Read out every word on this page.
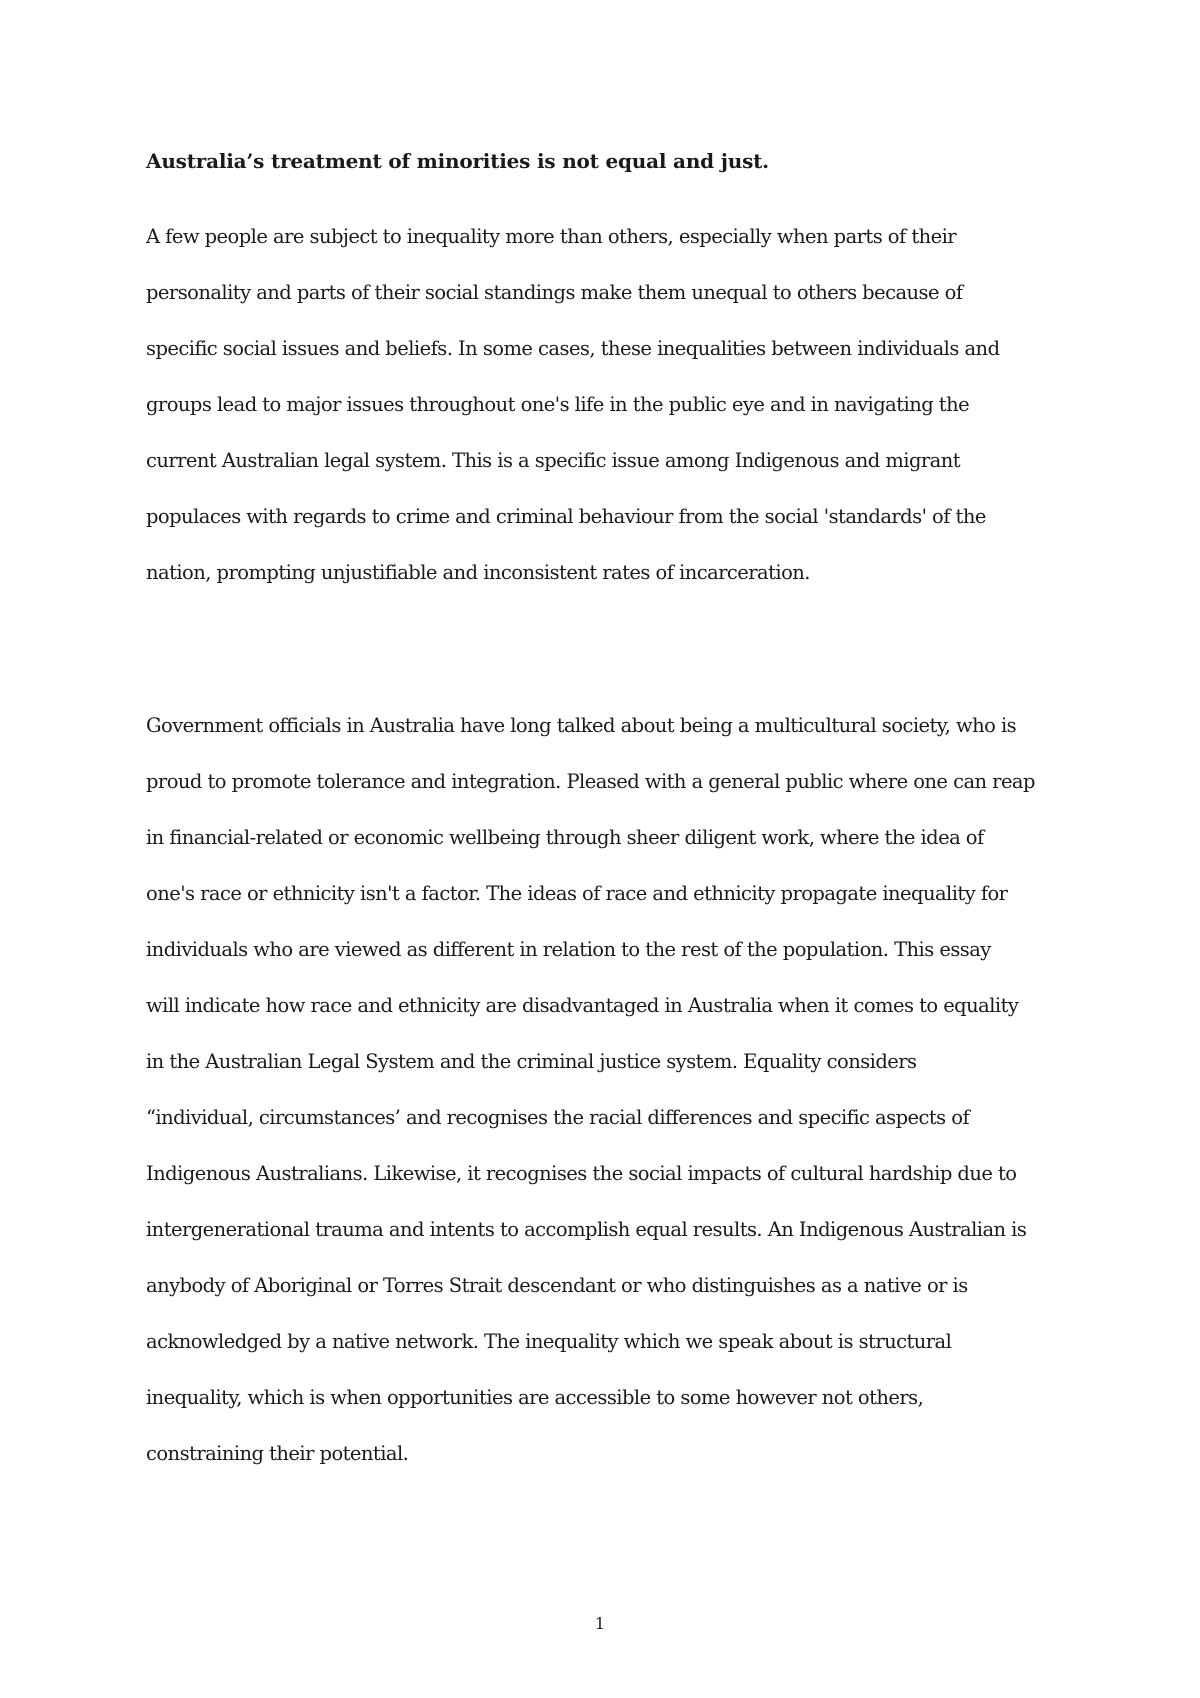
Australia’s treatment of minorities is not equal and just.

A few people are subject to inequality more than others, especially when parts of their
personality and parts of their social standings make them unequal to others because of
specific social issues and beliefs. In some cases, these inequalities between individuals and
groups lead to major issues throughout one's life in the public eye and in navigating the
current Australian legal system. This is a specific issue among Indigenous and migrant
populaces with regards to crime and criminal behaviour from the social 'standards' of the
nation, prompting unjustifiable and inconsistent rates of incarceration.

Government officials in Australia have long talked about being a multicultural society, who is
proud to promote tolerance and integration. Pleased with a general public where one can reap
in financial-related or economic wellbeing through sheer diligent work, where the idea of
one's race or ethnicity isn't a factor. The ideas of race and ethnicity propagate inequality for
individuals who are viewed as different in relation to the rest of the population. This essay
will indicate how race and ethnicity are disadvantaged in Australia when it comes to equality
in the Australian Legal System and the criminal justice system. Equality considers
“individual, circumstances’ and recognises the racial differences and specific aspects of
Indigenous Australians. Likewise, it recognises the social impacts of cultural hardship due to
intergenerational trauma and intents to accomplish equal results. An Indigenous Australian is
anybody of Aboriginal or Torres Strait descendant or who distinguishes as a native or is
acknowledged by a native network. The inequality which we speak about is structural
inequality, which is when opportunities are accessible to some however not others,
constraining their potential.

1
